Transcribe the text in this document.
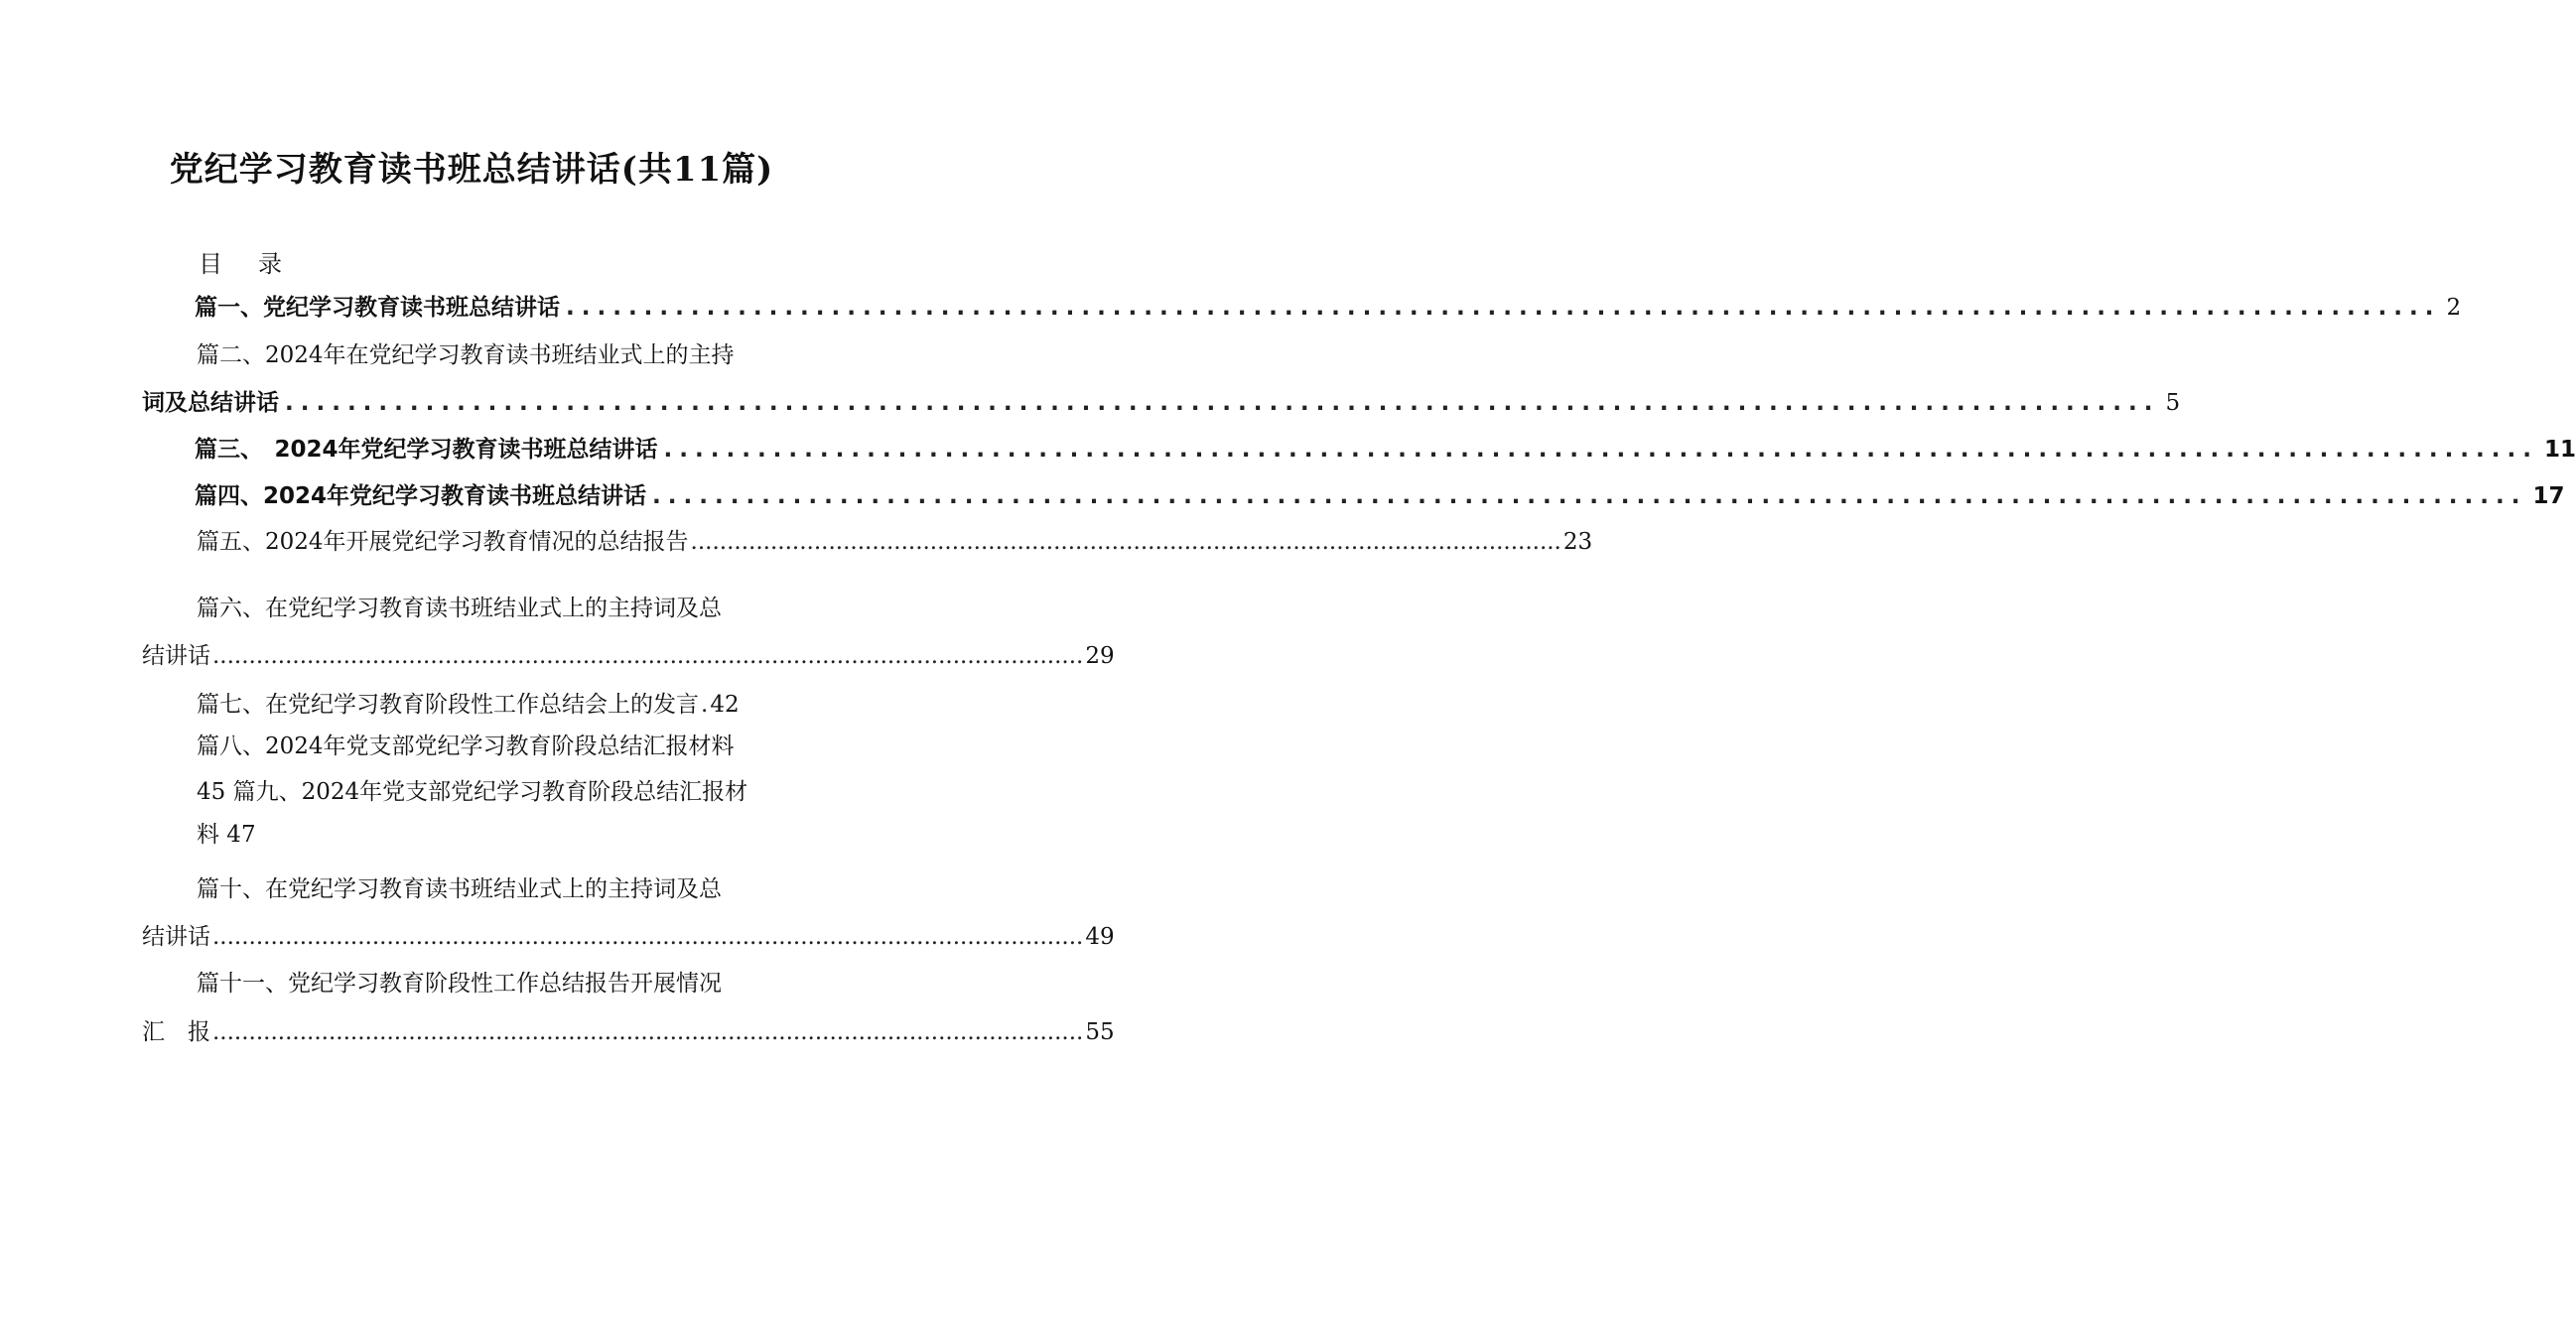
党纪学习教育读书班总结讲话(共11篇)
目　录
篇一、党纪学习教育读书班总结讲话 ........................................................................................................................ 2
篇二、2024年在党纪学习教育读书班结业式上的主持
词及总结讲话 ........................................................................................................................ 5
篇三、　2024年党纪学习教育读书班总结讲话 ........................................................................................................................ 11
篇四、2024年党纪学习教育读书班总结讲话 ........................................................................................................................ 17
篇五、2024年开展党纪学习教育情况的总结报告 ........................................................................................................................ 23
篇六、在党纪学习教育读书班结业式上的主持词及总
结讲话 ........................................................................................................................ 29
篇七、在党纪学习教育阶段性工作总结会上的发言 . 42
篇八、2024年党支部党纪学习教育阶段总结汇报材料
45 篇九、2024年党支部党纪学习教育阶段总结汇报材
料 47
篇十、在党纪学习教育读书班结业式上的主持词及总
结讲话 ........................................................................................................................ 49
篇十一、党纪学习教育阶段性工作总结报告开展情况
汇　报 ........................................................................................................................ 55
